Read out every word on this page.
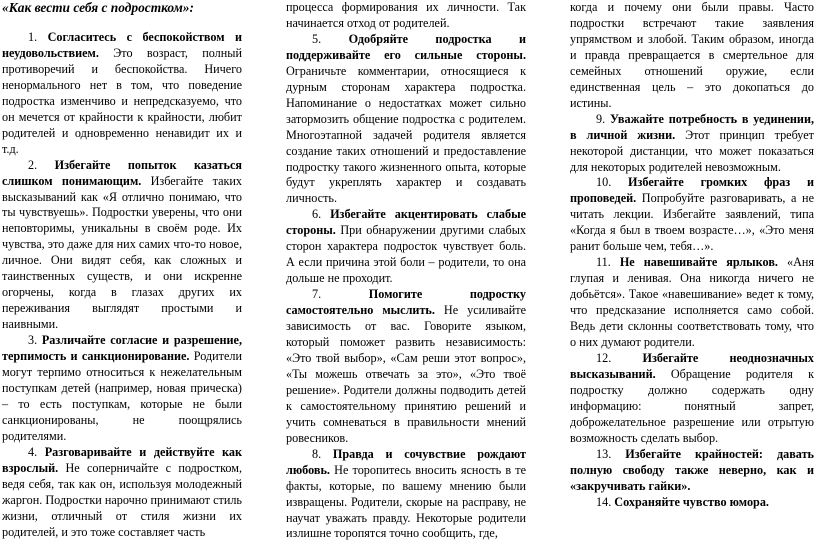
«Как вести себя с подростком»:

1. Согласитесь с беспокойством и неудовольствием. Это возраст, полный противоречий и беспокойства. Ничего ненормального нет в том, что поведение подростка изменчиво и непредсказуемо, что он мечется от крайности к крайности, любит родителей и одновременно ненавидит их и т.д.

2. Избегайте попыток казаться слишком понимающим. Избегайте таких высказываний как «Я отлично понимаю, что ты чувствуешь». Подростки уверены, что они неповторимы, уникальны в своём роде. Их чувства, это даже для них самих что-то новое, личное. Они видят себя, как сложных и таинственных существ, и они искренне огорчены, когда в глазах других их переживания выглядят простыми и наивными.

3. Различайте согласие и разрешение, терпимость и санкционирование. Родители могут терпимо относиться к нежелательным поступкам детей (например, новая прическа) – то есть поступкам, которые не были санкционированы, не поощрялись родителями.

4. Разговаривайте и действуйте как взрослый. Не соперничайте с подростком, ведя себя, так как он, используя молодежный жаргон. Подростки нарочно принимают стиль жизни, отличный от стиля жизни их родителей, и это тоже составляет часть

процесса формирования их личности. Так начинается отход от родителей.

5. Одобряйте подростка и поддерживайте его сильные стороны. Ограничьте комментарии, относящиеся к дурным сторонам характера подростка. Напоминание о недостатках может сильно затормозить общение подростка с родителем. Многоэтапной задачей родителя является создание таких отношений и предоставление подростку такого жизненного опыта, которые будут укреплять характер и создавать личность.

6. Избегайте акцентировать слабые стороны. При обнаружении другими слабых сторон характера подросток чувствует боль. А если причина этой боли – родители, то она дольше не проходит.

7.	Помогите подростку самостоятельно мыслить. Не усиливайте зависимость от вас. Говорите языком, который поможет развить независимость: «Это твой выбор», «Сам реши этот вопрос», «Ты можешь отвечать за это», «Это твоё решение». Родители должны подводить детей к самостоятельному принятию решений и учить сомневаться в правильности мнений ровесников.

8. Правда и сочувствие рождают любовь. Не торопитесь вносить ясность в те факты, которые, по вашему мнению были извращены. Родители, скорые на расправу, не научат уважать правду. Некоторые родители излишне торопятся точно сообщить, где,

когда и почему они были правы. Часто подростки встречают такие заявления упрямством и злобой. Таким образом, иногда и правда превращается в смертельное для семейных отношений оружие, если единственная цель – это докопаться до истины.

9. Уважайте потребность в уединении, в личной жизни. Этот принцип требует некоторой дистанции, что может показаться для некоторых родителей невозможным.

10. Избегайте громких фраз и проповедей. Попробуйте разговаривать, а не читать лекции. Избегайте заявлений, типа «Когда я был в твоем возрасте…», «Это меня ранит больше чем, тебя…».

11. Не навешивайте ярлыков. «Аня глупая и ленивая. Она никогда ничего не добьётся». Такое «навешивание» ведет к тому, что предсказание исполняется само собой. Ведь дети склонны соответствовать тому, что о них думают родители.

12.	Избегайте неоднозначных высказываний. Обращение родителя к подростку должно содержать одну информацию: понятный запрет, доброжелательное разрешение или отрытую возможность сделать выбор.

13. Избегайте крайностей: давать полную свободу также неверно, как и «закручивать гайки».

14. Сохраняйте чувство юмора.
